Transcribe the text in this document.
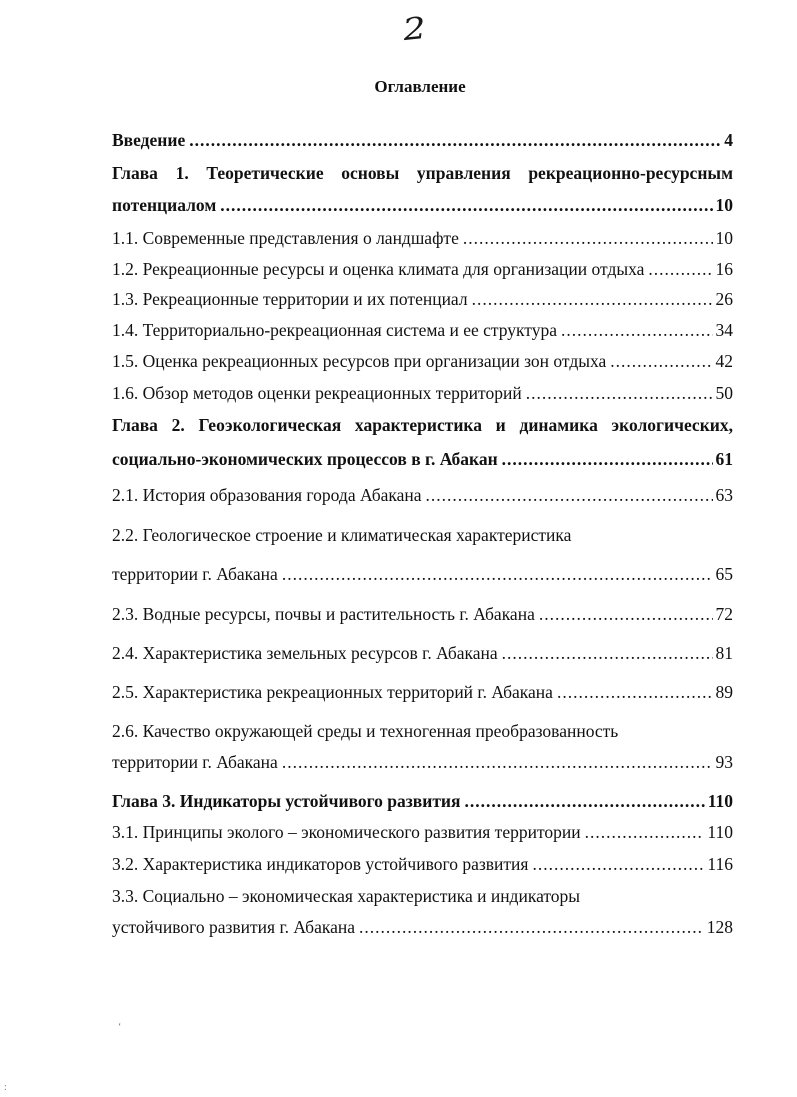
2
Оглавление
Введение .....	4
Глава 1. Теоретические основы управления рекреационно-ресурсным
потенциалом .....	10
1.1. Современные представления о ландшафте .....	10
1.2. Рекреационные ресурсы и оценка климата для организации отдыха .....	16
1.3. Рекреационные территории и их потенциал .....	26
1.4. Территориально-рекреационная система и ее структура .....	34
1.5. Оценка рекреационных ресурсов при организации зон отдыха .....	42
1.6. Обзор методов оценки рекреационных территорий .....	50
Глава 2. Геоэкологическая характеристика и динамика экологических,
социально-экономических процессов в г. Абакан .....	61
2.1. История образования города Абакана .....	63
2.2. Геологическое строение и климатическая характеристика
территории г. Абакана .....	65
2.3. Водные ресурсы, почвы и растительность г. Абакана .....	72
2.4. Характеристика земельных ресурсов г. Абакана .....	81
2.5. Характеристика рекреационных территорий г. Абакана .....	89
2.6. Качество окружающей среды и техногенная преобразованность
территории г. Абакана .....	93
Глава 3. Индикаторы устойчивого развития .....	110
3.1. Принципы эколого – экономического развития территории .....	110
3.2. Характеристика индикаторов устойчивого развития .....	116
3.3. Социально – экономическая характеристика и индикаторы
устойчивого развития г. Абакана .....	128
‘
:
